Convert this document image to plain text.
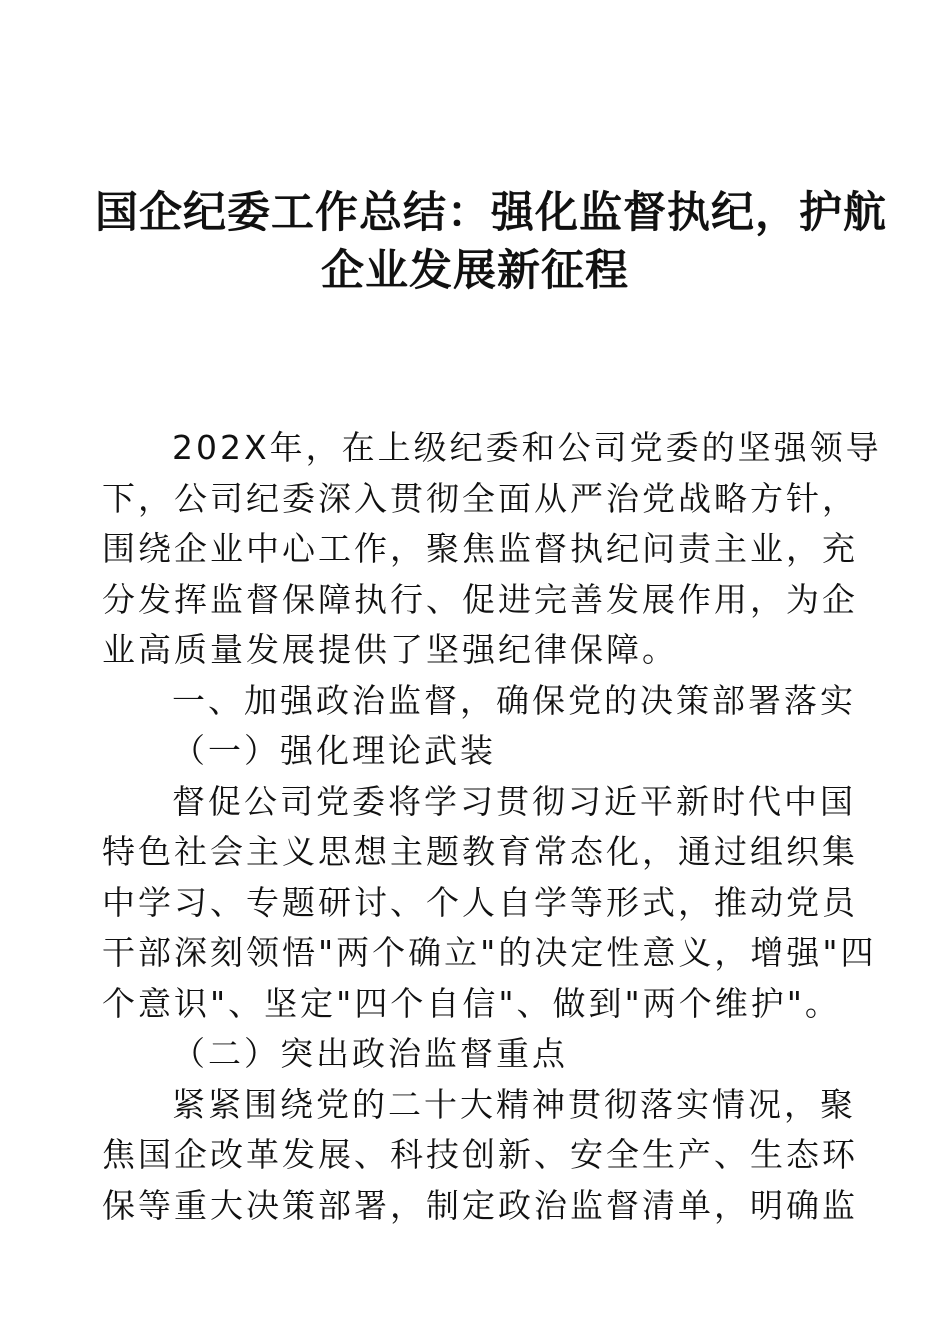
国企纪委工作总结：强化监督执纪，护航
企业发展新征程
202X年，在上级纪委和公司党委的坚强领导
下，公司纪委深入贯彻全面从严治党战略方针，
围绕企业中心工作，聚焦监督执纪问责主业，充
分发挥监督保障执行、促进完善发展作用，为企
业高质量发展提供了坚强纪律保障。
一、加强政治监督，确保党的决策部署落实
（一）强化理论武装
督促公司党委将学习贯彻习近平新时代中国
特色社会主义思想主题教育常态化，通过组织集
中学习、专题研讨、个人自学等形式，推动党员
干部深刻领悟"两个确立"的决定性意义，增强"四
个意识"、坚定"四个自信"、做到"两个维护"。
（二）突出政治监督重点
紧紧围绕党的二十大精神贯彻落实情况，聚
焦国企改革发展、科技创新、安全生产、生态环
保等重大决策部署，制定政治监督清单，明确监
